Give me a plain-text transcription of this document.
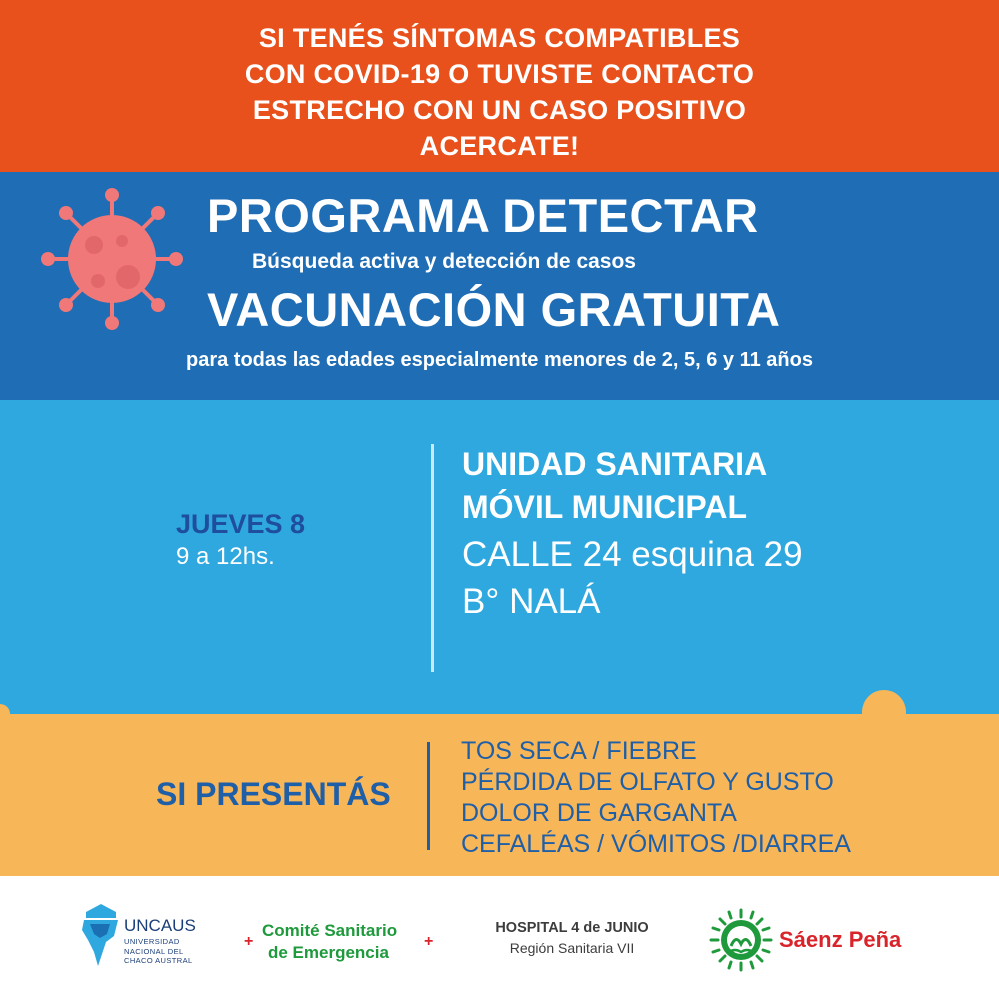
SI TENÉS SÍNTOMAS COMPATIBLES
CON COVID-19 O TUVISTE CONTACTO
ESTRECHO CON UN CASO POSITIVO
ACERCATE!
PROGRAMA DETECTAR
Búsqueda activa y detección de casos
VACUNACIÓN GRATUITA
para todas las edades especialmente menores de 2, 5, 6 y 11 años
JUEVES 8
9 a 12hs.
UNIDAD SANITARIA
MÓVIL MUNICIPAL
CALLE 24 esquina 29
B° NALÁ
SI PRESENTÁS
TOS SECA / FIEBRE
PÉRDIDA DE OLFATO Y GUSTO
DOLOR DE GARGANTA
CEFALÉAS / VÓMITOS /DIARREA
UNCAUS
UNIVERSIDAD NACIONAL DEL CHACO AUSTRAL
+
Comité Sanitario
de Emergencia
+
HOSPITAL 4 de JUNIO
Región Sanitaria VII	Sáenz Peña
